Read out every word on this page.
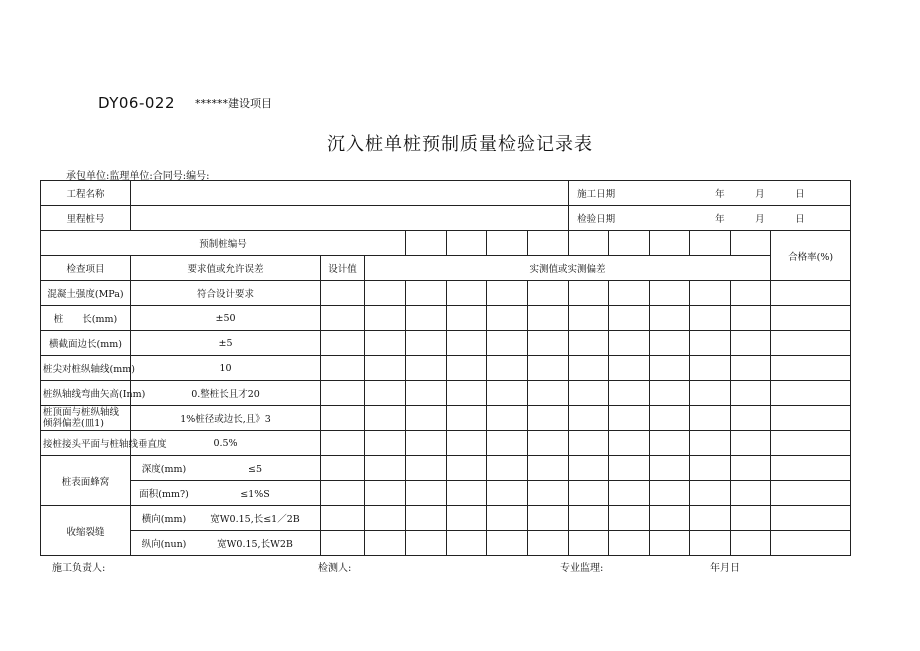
DY06-022 ******建设项目
沉入桩单桩预制质量检验记录表
承包单位:监理单位:合同号:编号:
工程名称								施工日期 年 月 日					
里程桩号								检验日期 年 月 日					
预制桩编号													合格率(%)
检查项目	要求值或允许误差	设计值	实测值或实测偏差										
混凝土强度(MPa)	符合设计要求												
桩　　长(mm)	±50												
横截面边长(mm)	±5												
桩尖对桩纵轴线(mm)	10												
桩纵轴线弯曲矢高(Inm)	0.整桩长且才20												
桩顶面与桩纵轴线倾斜偏差(皿1)	1%桩径或边长,且》3												
接桩接头平面与桩轴线垂直度	0.5%												
桩表面蜂窝	深度(mm) ≤5												
	面积(mm?) ≤1%S												
收缩裂缝	横向(mm) 宽W0.15,长≤1／2B												
	纵向(nun) 宽W0.15,长W2B												
施工负责人:	检测人:	专业监理:	年月日
